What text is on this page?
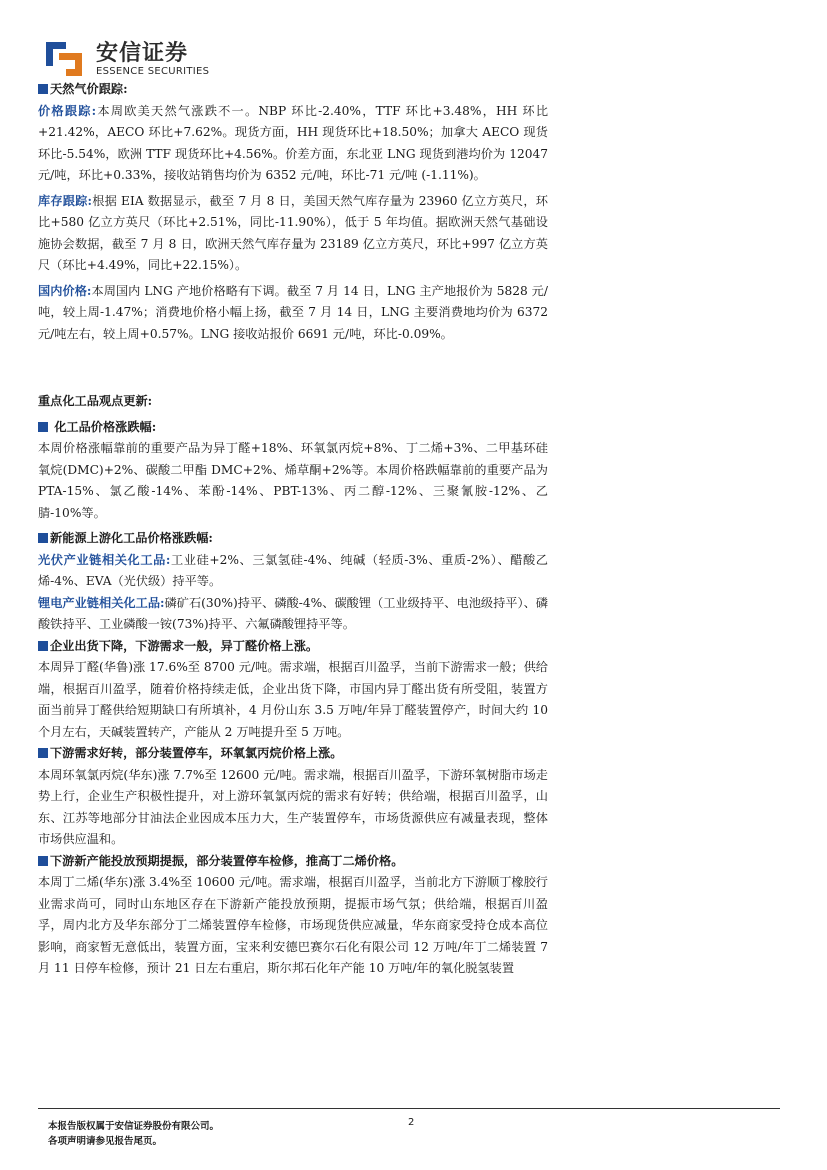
安信证券
ESSENCE SECURITIES

天然气价跟踪:

价格跟踪:本周欧美天然气涨跌不一。NBP 环比-2.40%，TTF 环比+3.48%，HH 环比+21.42%，AECO 环比+7.62%。现货方面，HH 现货环比+18.50%；加拿大 AECO 现货环比-5.54%，欧洲 TTF 现货环比+4.56%。价差方面，东北亚 LNG 现货到港均价为 12047 元/吨，环比+0.33%，接收站销售均价为 6352 元/吨，环比-71 元/吨 (-1.11%)。

库存跟踪:根据 EIA 数据显示，截至 7 月 8 日，美国天然气库存量为 23960 亿立方英尺，环比+580 亿立方英尺（环比+2.51%，同比-11.90%），低于 5 年均值。据欧洲天然气基础设施协会数据，截至 7 月 8 日，欧洲天然气库存量为 23189 亿立方英尺，环比+997 亿立方英尺（环比+4.49%，同比+22.15%）。

国内价格:本周国内 LNG 产地价格略有下调。截至 7 月 14 日，LNG 主产地报价为 5828 元/吨，较上周-1.47%；消费地价格小幅上扬，截至 7 月 14 日，LNG 主要消费地均价为 6372 元/吨左右，较上周+0.57%。LNG 接收站报价 6691 元/吨，环比-0.09%。

重点化工品观点更新:

化工品价格涨跌幅:

本周价格涨幅靠前的重要产品为异丁醛+18%、环氧氯丙烷+8%、丁二烯+3%、二甲基环硅氧烷(DMC)+2%、碳酸二甲酯 DMC+2%、烯草酮+2%等。本周价格跌幅靠前的重要产品为 PTA-15%、氯乙酸-14%、苯酚-14%、PBT-13%、丙二醇-12%、三聚氰胺-12%、乙腈-10%等。

新能源上游化工品价格涨跌幅:

光伏产业链相关化工品:工业硅+2%、三氯氢硅-4%、纯碱（轻质-3%、重质-2%）、醋酸乙烯-4%、EVA（光伏级）持平等。

锂电产业链相关化工品:磷矿石(30%)持平、磷酸-4%、碳酸锂（工业级持平、电池级持平）、磷酸铁持平、工业磷酸一铵(73%)持平、六氟磷酸锂持平等。

企业出货下降，下游需求一般，异丁醛价格上涨。

本周异丁醛(华鲁)涨 17.6%至 8700 元/吨。需求端，根据百川盈孚，当前下游需求一般；供给端，根据百川盈孚，随着价格持续走低，企业出货下降，市国内异丁醛出货有所受阻，装置方面当前异丁醛供给短期缺口有所填补，4 月份山东 3.5 万吨/年异丁醛装置停产，时间大约 10 个月左右，天碱装置转产，产能从 2 万吨提升至 5 万吨。

下游需求好转，部分装置停车，环氧氯丙烷价格上涨。

本周环氧氯丙烷(华东)涨 7.7%至 12600 元/吨。需求端，根据百川盈孚，下游环氧树脂市场走势上行，企业生产积极性提升，对上游环氧氯丙烷的需求有好转；供给端，根据百川盈孚，山东、江苏等地部分甘油法企业因成本压力大，生产装置停车，市场货源供应有减量表现，整体市场供应温和。

下游新产能投放预期提振，部分装置停车检修，推高丁二烯价格。

本周丁二烯(华东)涨 3.4%至 10600 元/吨。需求端，根据百川盈孚，当前北方下游顺丁橡胶行业需求尚可，同时山东地区存在下游新产能投放预期，提振市场气氛；供给端，根据百川盈孚，周内北方及华东部分丁二烯装置停车检修，市场现货供应减量，华东商家受持仓成本高位影响，商家暂无意低出，装置方面，宝来利安德巴赛尔石化有限公司 12 万吨/年丁二烯装置 7 月 11 日停车检修，预计 21 日左右重启，斯尔邦石化年产能 10 万吨/年的氧化脱氢装置

本报告版权属于安信证券股份有限公司。
各项声明请参见报告尾页。
2
